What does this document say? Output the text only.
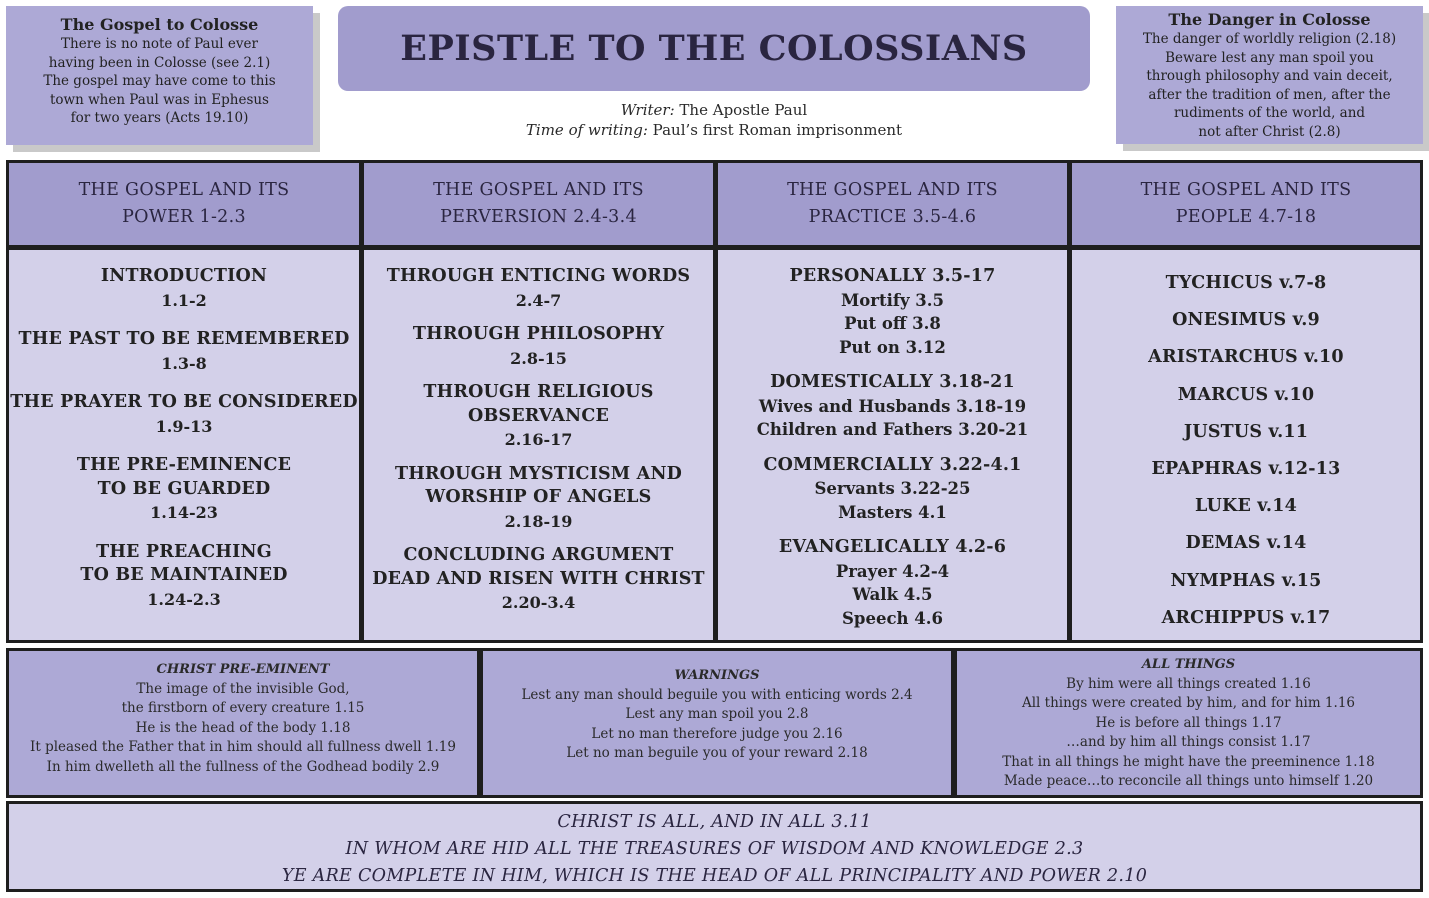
The Gospel to Colosse
There is no note of Paul ever
having been in Colosse (see 2.1)
The gospel may have come to this
town when Paul was in Ephesus
for two years (Acts 19.10)
EPISTLE TO THE COLOSSIANS
Writer: The Apostle Paul
Time of writing: Paul’s first Roman imprisonment
The Danger in Colosse
The danger of worldly religion (2.18)
Beware lest any man spoil you
through philosophy and vain deceit,
after the tradition of men, after the
rudiments of the world, and
not after Christ (2.8)
THE GOSPEL AND ITS
POWER 1-2.3
INTRODUCTION
1.1-2
THE PAST TO BE REMEMBERED
1.3-8
THE PRAYER TO BE CONSIDERED
1.9-13
THE PRE-EMINENCE
TO BE GUARDED
1.14-23
THE PREACHING
TO BE MAINTAINED
1.24-2.3
THE GOSPEL AND ITS
PERVERSION 2.4-3.4
THROUGH ENTICING WORDS
2.4-7
THROUGH PHILOSOPHY
2.8-15
THROUGH RELIGIOUS
OBSERVANCE
2.16-17
THROUGH MYSTICISM AND
WORSHIP OF ANGELS
2.18-19
CONCLUDING ARGUMENT
DEAD AND RISEN WITH CHRIST
2.20-3.4
THE GOSPEL AND ITS
PRACTICE 3.5-4.6
PERSONALLY 3.5-17
Mortify 3.5
Put off 3.8
Put on 3.12
DOMESTICALLY 3.18-21
Wives and Husbands 3.18-19
Children and Fathers 3.20-21
COMMERCIALLY 3.22-4.1
Servants 3.22-25
Masters 4.1
EVANGELICALLY 4.2-6
Prayer 4.2-4
Walk 4.5
Speech 4.6
THE GOSPEL AND ITS
PEOPLE 4.7-18
TYCHICUS v.7-8
ONESIMUS v.9
ARISTARCHUS v.10
MARCUS v.10
JUSTUS v.11
EPAPHRAS v.12-13
LUKE v.14
DEMAS v.14
NYMPHAS v.15
ARCHIPPUS v.17
CHRIST PRE-EMINENT
The image of the invisible God,
the firstborn of every creature 1.15
He is the head of the body 1.18
It pleased the Father that in him should all fullness dwell 1.19
In him dwelleth all the fullness of the Godhead bodily 2.9
WARNINGS
Lest any man should beguile you with enticing words 2.4
Lest any man spoil you 2.8
Let no man therefore judge you 2.16
Let no man beguile you of your reward 2.18
ALL THINGS
By him were all things created 1.16
All things were created by him, and for him 1.16
He is before all things 1.17
…and by him all things consist 1.17
That in all things he might have the preeminence 1.18
Made peace…to reconcile all things unto himself 1.20
CHRIST IS ALL, AND IN ALL 3.11
IN WHOM ARE HID ALL THE TREASURES OF WISDOM AND KNOWLEDGE 2.3
YE ARE COMPLETE IN HIM, WHICH IS THE HEAD OF ALL PRINCIPALITY AND POWER 2.10
